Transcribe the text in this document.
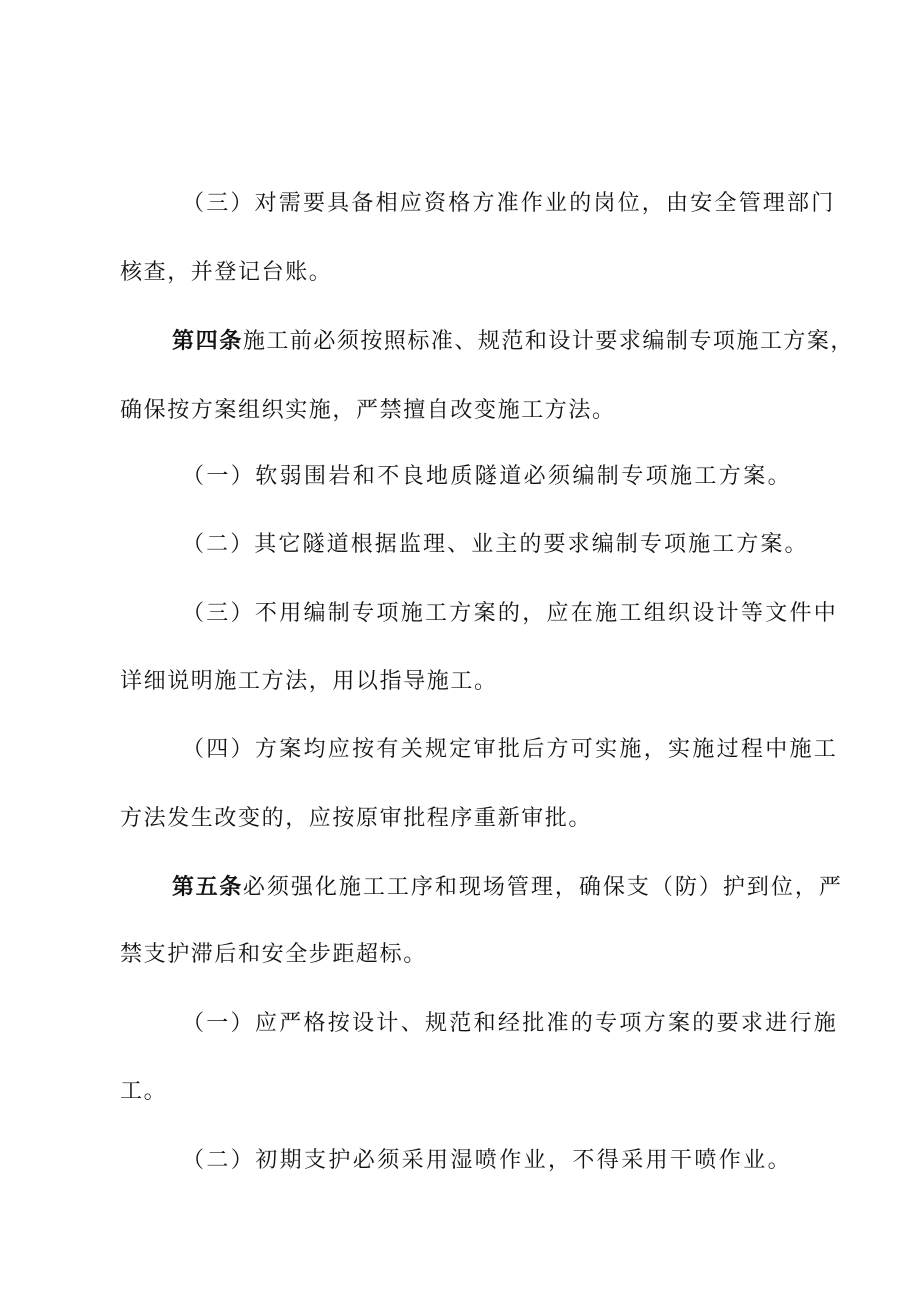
（三）对需要具备相应资格方准作业的岗位，由安全管理部门
核查，并登记台账。
第四条施工前必须按照标准、规范和设计要求编制专项施工方案，
确保按方案组织实施，严禁擅自改变施工方法。
（一）软弱围岩和不良地质隧道必须编制专项施工方案。
（二）其它隧道根据监理、业主的要求编制专项施工方案。
（三）不用编制专项施工方案的，应在施工组织设计等文件中
详细说明施工方法，用以指导施工。
（四）方案均应按有关规定审批后方可实施，实施过程中施工
方法发生改变的，应按原审批程序重新审批。
第五条必须强化施工工序和现场管理，确保支（防）护到位，严
禁支护滞后和安全步距超标。
（一）应严格按设计、规范和经批准的专项方案的要求进行施
工。
（二）初期支护必须采用湿喷作业，不得采用干喷作业。
